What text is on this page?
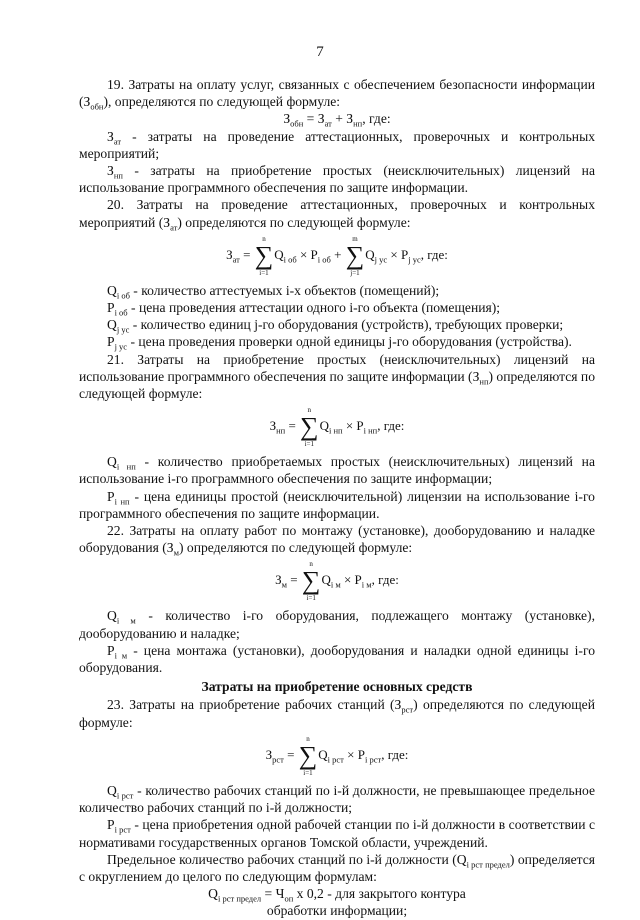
7

19. Затраты на оплату услуг, связанных с обеспечением безопасности информации $(З_{обн})$, определяются по следующей формуле:

$З_{обн} = З_{ат} + З_{нп}$, где:

$З_{ат}$ - затраты на проведение аттестационных, проверочных и контрольных мероприятий;

$З_{нп}$ - затраты на приобретение простых (неисключительных) лицензий на использование программного обеспечения по защите информации.

20. Затраты на проведение аттестационных, проверочных и контрольных мероприятий $(З_{ат})$ определяются по следующей формуле:

$З_{ат}$ =
n
∑
i=1
$Q_{i об} \times P_{i об}$ +
m
∑
j=1
$Q_{j ус} \times P_{j ус}$, где:

$Q_{i об}$ - количество аттестуемых i-х объектов (помещений);

$P_{i об}$ - цена проведения аттестации одного i-го объекта (помещения);

$Q_{j ус}$ - количество единиц j-го оборудования (устройств), требующих проверки;

$P_{j ус}$ - цена проведения проверки одной единицы j-го оборудования (устройства).

21. Затраты на приобретение простых (неисключительных) лицензий на использование программного обеспечения по защите информации $(З_{нп})$ определяются по следующей формуле:

$З_{нп}$ =
n
∑
i=1
$Q_{i нп} \times P_{i нп}$, где:

$Q_{i нп}$ - количество приобретаемых простых (неисключительных) лицензий на использование i-го программного обеспечения по защите информации;

$P_{i нп}$ - цена единицы простой (неисключительной) лицензии на использование i-го программного обеспечения по защите информации.

22. Затраты на оплату работ по монтажу (установке), дооборудованию и наладке оборудования $(З_м)$ определяются по следующей формуле:

$З_м$ =
n
∑
i=1
$Q_{i м} \times P_{i м}$, где:

$Q_{i м}$ - количество i-го оборудования, подлежащего монтажу (установке), дооборудованию и наладке;

$P_{i м}$ - цена монтажа (установки), дооборудования и наладки одной единицы i-го оборудования.

Затраты на приобретение основных средств

23. Затраты на приобретение рабочих станций $(З_{рст})$ определяются по следующей формуле:

$З_{рст}$ =
n
∑
i=1
$Q_{i рст} \times P_{i рст}$, где:

$Q_{i рст}$ - количество рабочих станций по i-й должности, не превышающее предельное количество рабочих станций по i-й должности;

$P_{i рст}$ - цена приобретения одной рабочей станции по i-й должности в соответствии с нормативами государственных органов Томской области, учреждений.

Предельное количество рабочих станций по i-й должности $(Q_{i рст предел})$ определяется с округлением до целого по следующим формулам:

$Q_{i рст предел} = Ч_{оп}$ x 0,2 - для закрытого контура

обработки информации;
